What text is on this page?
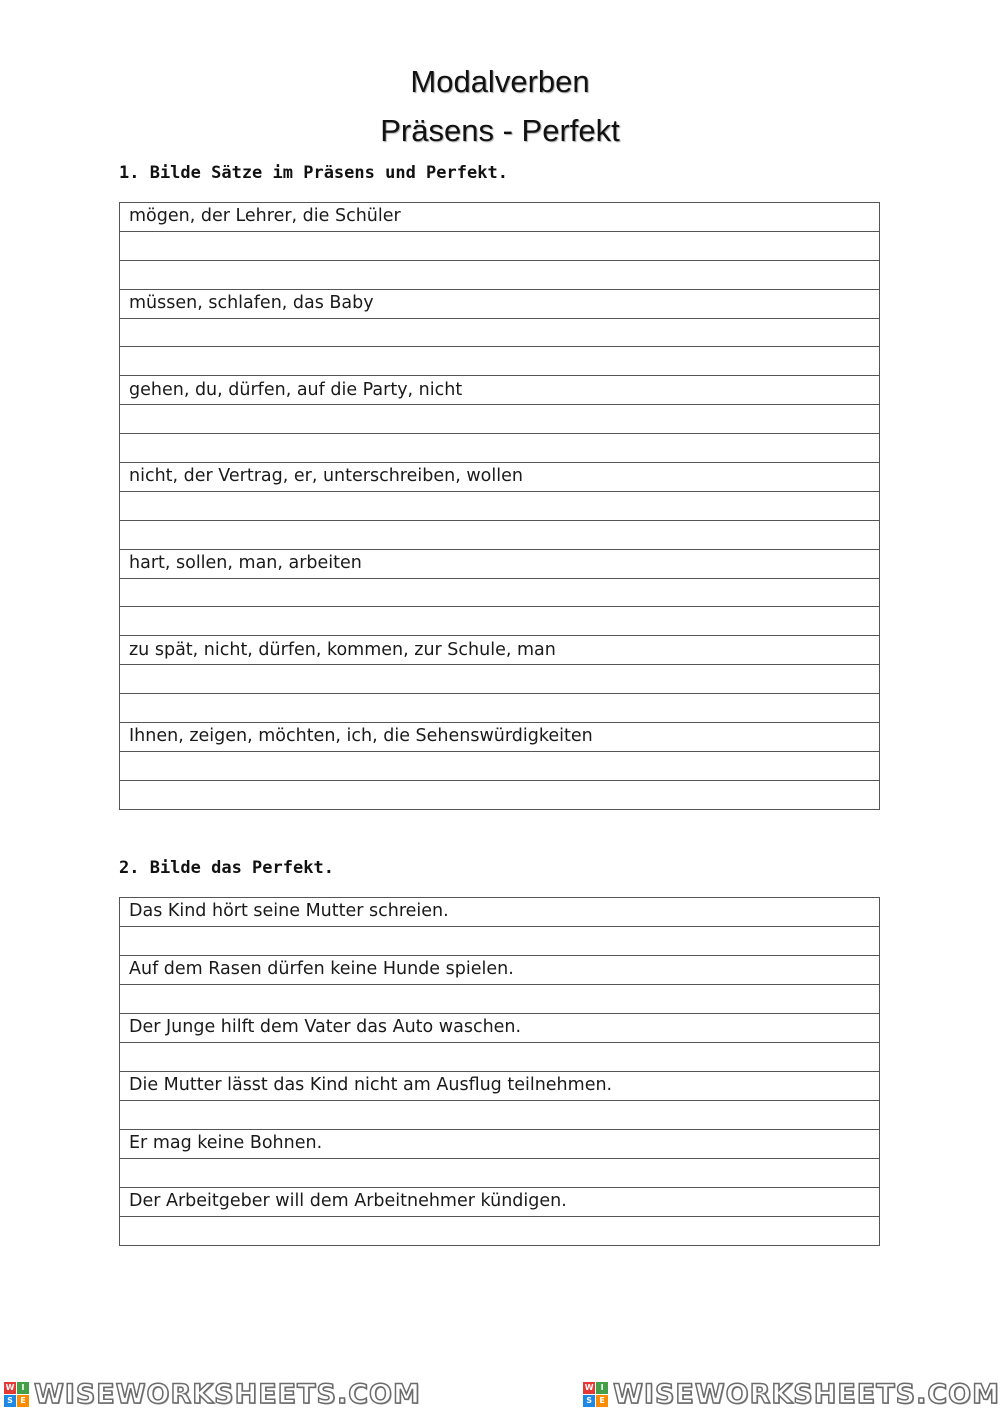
Modalverben
Präsens - Perfekt

1. Bilde Sätze im Präsens und Perfekt.

mögen, der Lehrer, die Schüler

müssen, schlafen, das Baby

gehen, du, dürfen, auf die Party, nicht

nicht, der Vertrag, er, unterschreiben, wollen

hart, sollen, man, arbeiten

zu spät, nicht, dürfen, kommen, zur Schule, man

Ihnen, zeigen, möchten, ich, die Sehenswürdigkeiten

2. Bilde das Perfekt.

Das Kind hört seine Mutter schreien.

Auf dem Rasen dürfen keine Hunde spielen.

Der Junge hilft dem Vater das Auto waschen.

Die Mutter lässt das Kind nicht am Ausflug teilnehmen.

Er mag keine Bohnen.

Der Arbeitgeber will dem Arbeitnehmer kündigen.

W I
S E WISEWORKSHEETS.COM	W I
S E WISEWORKSHEETS.COM
